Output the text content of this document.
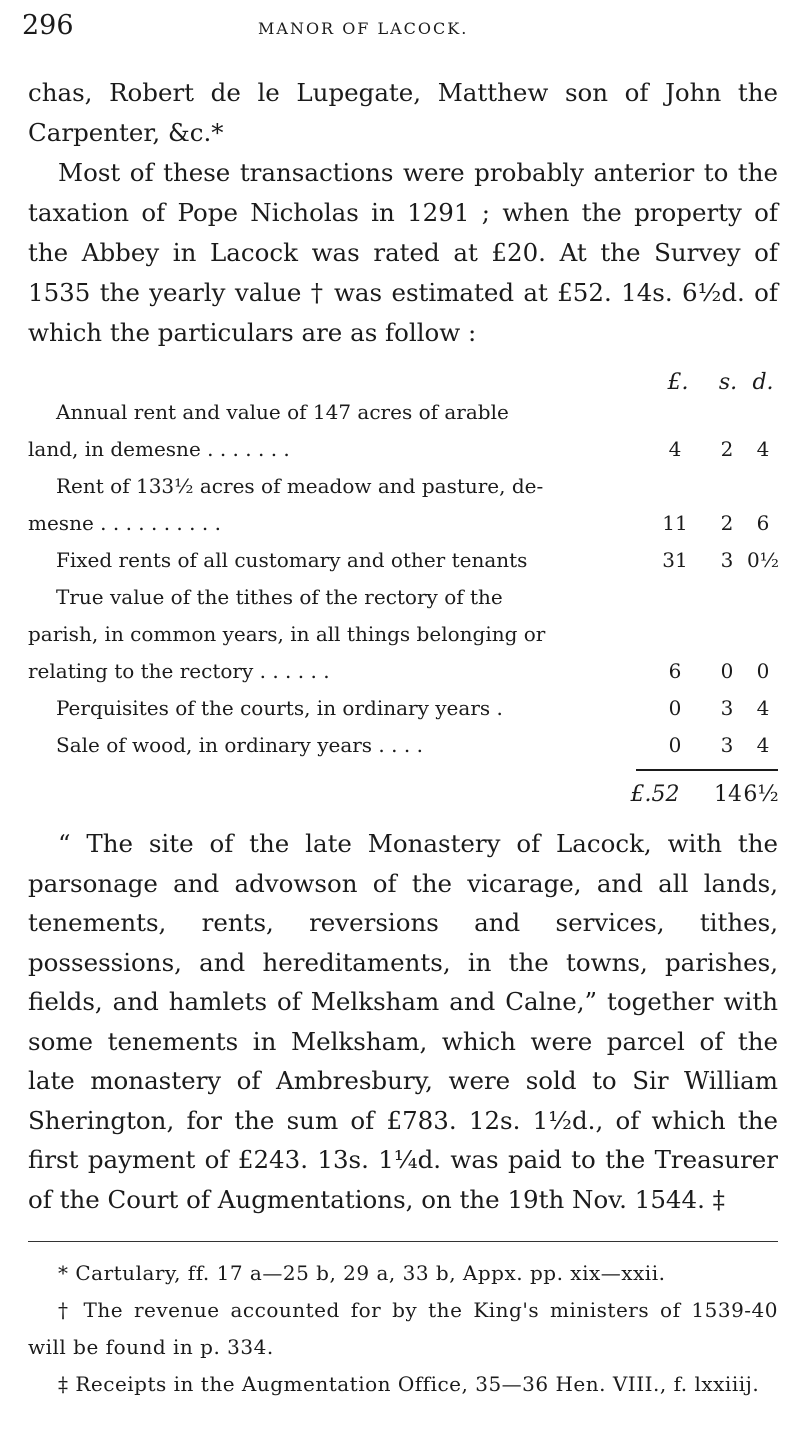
296	MANOR OF LACOCK.

chas, Robert de le Lupegate, Matthew son of John the Carpenter, &c.*

Most of these transactions were probably anterior to the taxation of Pope Nicholas in 1291 ; when the property of the Abbey in Lacock was rated at £20. At the Survey of 1535 the yearly value † was estimated at £52. 14s. 6½d. of which the particulars are as follow :

£.	s. d.
Annual rent and value of 147 acres of arable
land, in demesne . . . . . . .	4	2	4
Rent of 133½ acres of meadow and pasture, de-
mesne . . . . . . . . . .	11	2	6
Fixed rents of all customary and other tenants	31	3 0½
True value of the tithes of the rectory of the
parish, in common years, in all things belonging or
relating to the rectory . . . . . .	6	0	0
Perquisites of the courts, in ordinary years .	0	3	4
Sale of wood, in ordinary years . . . .	0	3	4
£.52	14 6½

“ The site of the late Monastery of Lacock, with the parsonage and advowson of the vicarage, and all lands, tenements, rents, reversions and services, tithes, possessions, and hereditaments, in the towns, parishes, fields, and hamlets of Melksham and Calne,” together with some tenements in Melksham, which were parcel of the late monastery of Ambresbury, were sold to Sir William Sherington, for the sum of £783. 12s. 1½d., of which the first payment of £243. 13s. 1¼d. was paid to the Treasurer of the Court of Augmentations, on the 19th Nov. 1544. ‡

* Cartulary, ff. 17 a—25 b, 29 a, 33 b, Appx. pp. xix—xxii.

† The revenue accounted for by the King's ministers of 1539-40 will be found in p. 334.

‡ Receipts in the Augmentation Office, 35—36 Hen. VIII., f. lxxiiij.
